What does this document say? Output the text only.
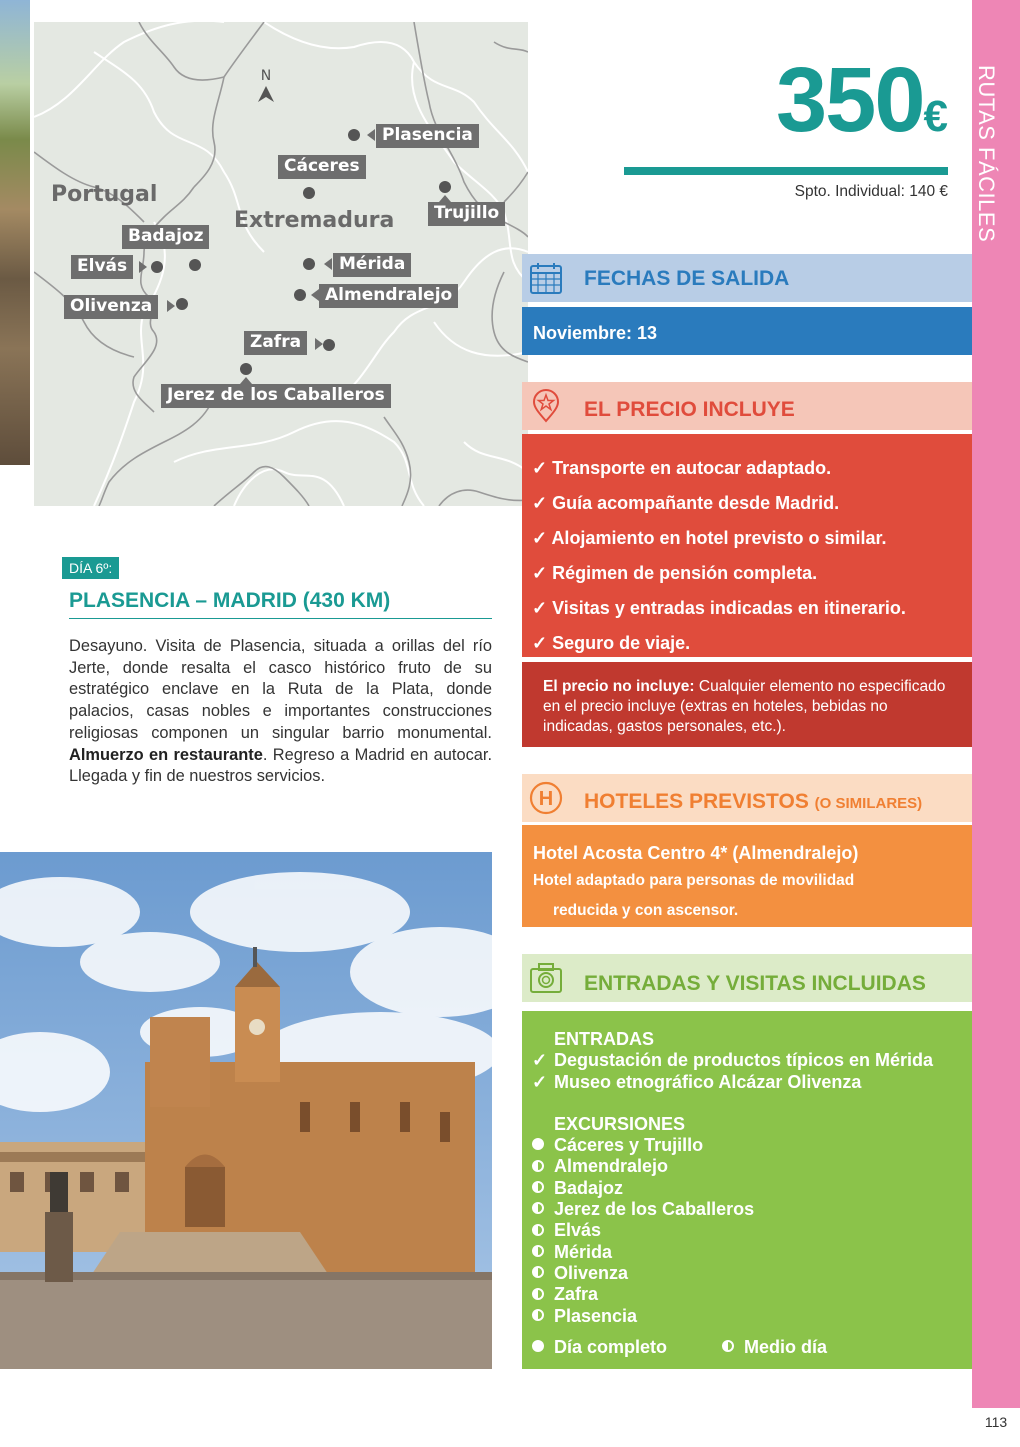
N
Portugal
Extremadura
Plasencia
Cáceres
Trujillo
Badajoz
Elvás	Mérida
Almendralejo
Olivenza
Zafra
Jerez de los Caballeros
DÍA 6º:
PLASENCIA – MADRID (430 KM)
Desayuno. Visita de Plasencia, situada a orillas del río Jerte, donde resalta el casco histórico fruto de su estratégico enclave en la Ruta de la Plata, donde palacios, casas nobles e importantes construcciones religiosas componen un singular barrio monumental. Almuerzo en restaurante. Regreso a Madrid en autocar. Llegada y fin de nuestros servicios.
350€
Spto. Individual: 140 € RUTAS FÁCILES
113
FECHAS DE SALIDA
Noviembre: 13
EL PRECIO INCLUYE
✓ Transporte en autocar adaptado.
✓ Guía acompañante desde Madrid.
✓ Alojamiento en hotel previsto o similar.
✓ Régimen de pensión completa.
✓ Visitas y entradas indicadas en itinerario.
✓ Seguro de viaje.
El precio no incluye: Cualquier elemento no especificado en el precio incluye (extras en hoteles, bebidas no indicadas, gastos personales, etc.).
H HOTELES PREVISTOS (O SIMILARES)
Hotel Acosta Centro 4* (Almendralejo)
Hotel adaptado para personas de movilidad
reducida y con ascensor.
ENTRADAS Y VISITAS INCLUIDAS
ENTRADAS
✓ Degustación de productos típicos en Mérida
✓ Museo etnográfico Alcázar Olivenza
EXCURSIONES
Cáceres y Trujillo
Almendralejo
Badajoz
Jerez de los Caballeros
Elvás
Mérida
Olivenza
Zafra
Plasencia
Día completo	Medio día
